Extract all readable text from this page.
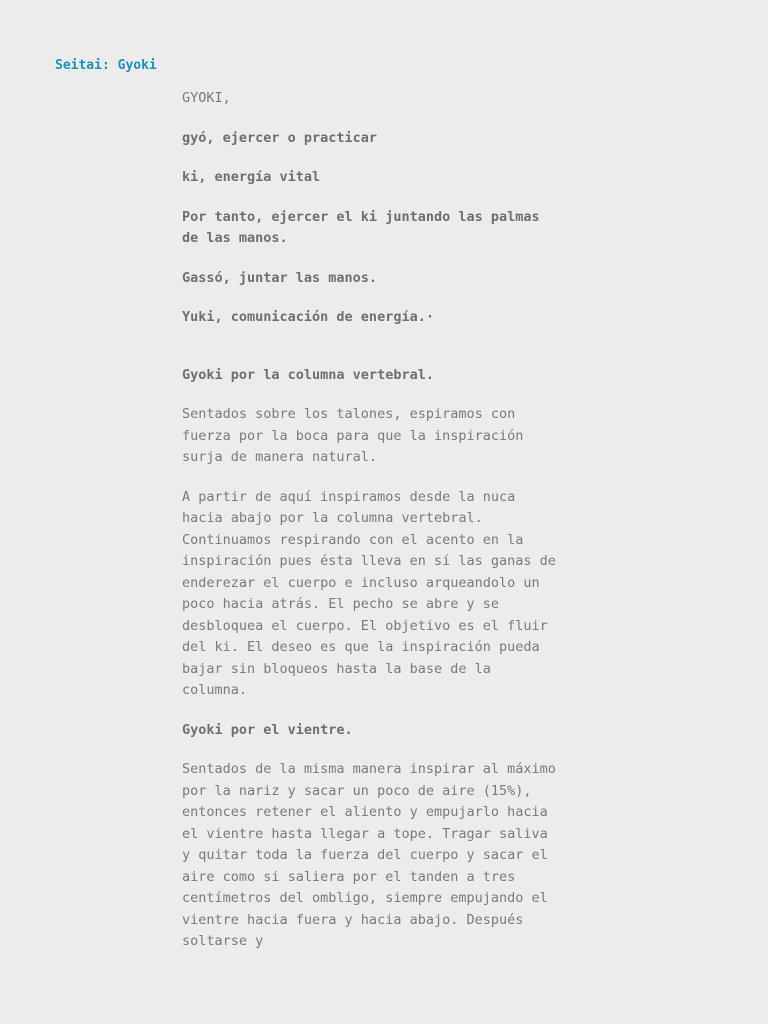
Seitai: Gyoki

GYOKI,

gyó, ejercer o practicar

ki, energía vital

Por tanto, ejercer el ki juntando las palmas de las manos.

Gassó, juntar las manos.

Yuki, comunicación de energía.·

Gyoki por la columna vertebral.

Sentados sobre los talones, espiramos con fuerza por la boca para que la inspiración surja de manera natural.

A partir de aquí inspiramos desde la nuca hacia abajo por la columna vertebral. Continuamos respirando con el acento en la inspiración pues ésta lleva en sí las ganas de enderezar el cuerpo e incluso arqueandolo un poco hacia atrás. El pecho se abre y se desbloquea el cuerpo. El objetivo es el fluir del ki. El deseo es que la inspiración pueda bajar sin bloqueos hasta la base de la columna.

Gyoki por el vientre.

Sentados de la misma manera inspirar al máximo por la nariz y sacar un poco de aire (15%), entonces retener el aliento y empujarlo hacia el vientre hasta llegar a tope. Tragar saliva y quitar toda la fuerza del cuerpo y sacar el aire como si saliera por el tanden a tres centímetros del ombligo, siempre empujando el vientre hacia fuera y hacia abajo. Después soltarse y
